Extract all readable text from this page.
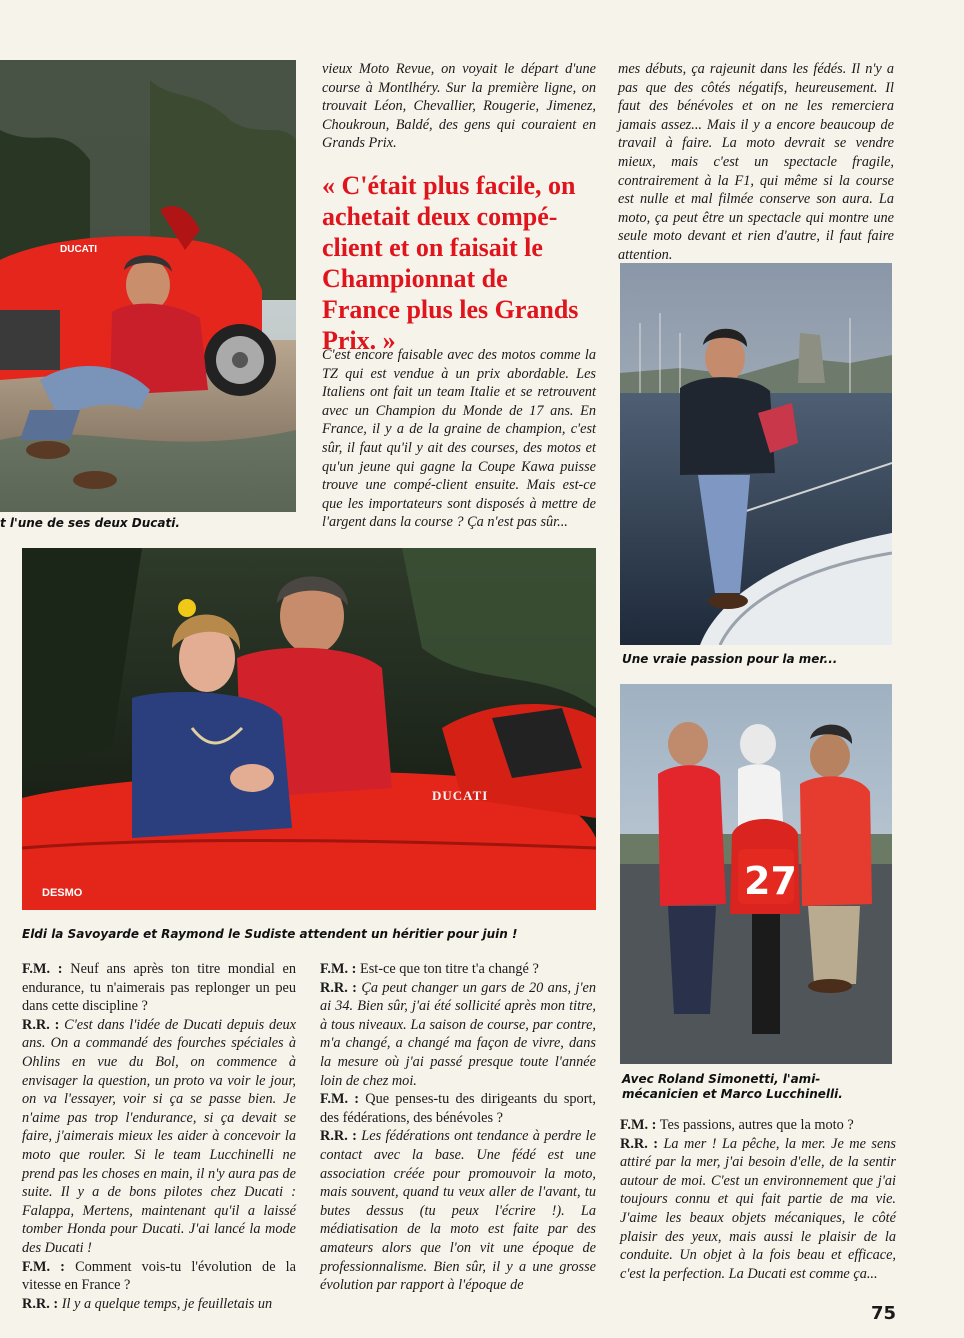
DUCATI
t l'une de ses deux Ducati.

vieux Moto Revue, on voyait le départ d'une course à Montlhéry. Sur la première ligne, on trouvait Léon, Chevallier, Rougerie, Jimenez, Choukroun, Baldé, des gens qui couraient en Grands Prix.

« C'était plus facile, on achetait deux compé-client et on faisait le Championnat de France plus les Grands Prix. »

C'est encore faisable avec des motos comme la TZ qui est vendue à un prix abordable. Les Italiens ont fait un team Italie et se retrouvent avec un Champion du Monde de 17 ans. En France, il y a de la graine de champion, c'est sûr, il faut qu'il y ait des courses, des motos et qu'un jeune qui gagne la Coupe Kawa puisse trouve une compé-client ensuite. Mais est-ce que les importateurs sont disposés à mettre de l'argent dans la course ? Ça n'est pas sûr...

mes débuts, ça rajeunit dans les fédés. Il n'y a pas que des côtés négatifs, heureusement. Il faut des bénévoles et on ne les remerciera jamais assez... Mais il y a encore beaucoup de travail à faire. La moto devrait se vendre mieux, mais c'est un spectacle fragile, contrairement à la F1, qui même si la course est nulle et mal filmée conserve son aura. La moto, ça peut être un spectacle qui montre une seule moto devant et rien d'autre, il faut faire attention.

Une vraie passion pour la mer...
DUCATI
DESMO
Eldi la Savoyarde et Raymond le Sudiste attendent un héritier pour juin !
27
Avec Roland Simonetti, l'ami-
mécanicien et Marco Lucchinelli.

F.M. : Neuf ans après ton titre mondial en endurance, tu n'aimerais pas replonger un peu dans cette discipline ?

R.R. : C'est dans l'idée de Ducati depuis deux ans. On a commandé des fourches spéciales à Ohlins en vue du Bol, on commence à envisager la question, un proto va voir le jour, on va l'essayer, voir si ça se passe bien. Je n'aime pas trop l'endurance, si ça devait se faire, j'aimerais mieux les aider à concevoir la moto que rouler. Si le team Lucchinelli ne prend pas les choses en main, il n'y aura pas de suite. Il y a de bons pilotes chez Ducati : Falappa, Mertens, maintenant qu'il a laissé tomber Honda pour Ducati. J'ai lancé la mode des Ducati !

F.M. : Comment vois-tu l'évolution de la vitesse en France ?

R.R. : Il y a quelque temps, je feuilletais un

F.M. : Est-ce que ton titre t'a changé ?

R.R. : Ça peut changer un gars de 20 ans, j'en ai 34. Bien sûr, j'ai été sollicité après mon titre, à tous niveaux. La saison de course, par contre, m'a changé, a changé ma façon de vivre, dans la mesure où j'ai passé presque toute l'année loin de chez moi.

F.M. : Que penses-tu des dirigeants du sport, des fédérations, des bénévoles ?

R.R. : Les fédérations ont tendance à perdre le contact avec la base. Une fédé est une association créée pour promouvoir la moto, mais souvent, quand tu veux aller de l'avant, tu butes dessus (tu peux l'écrire !). La médiatisation de la moto est faite par des amateurs alors que l'on vit une époque de professionnalisme. Bien sûr, il y a une grosse évolution par rapport à l'époque de

F.M. : Tes passions, autres que la moto ?

R.R. : La mer ! La pêche, la mer. Je me sens attiré par la mer, j'ai besoin d'elle, de la sentir autour de moi. C'est un environnement que j'ai toujours connu et qui fait partie de ma vie. J'aime les beaux objets mécaniques, le côté plaisir des yeux, mais aussi le plaisir de la conduite. Un objet à la fois beau et efficace, c'est la perfection. La Ducati est comme ça...

75
